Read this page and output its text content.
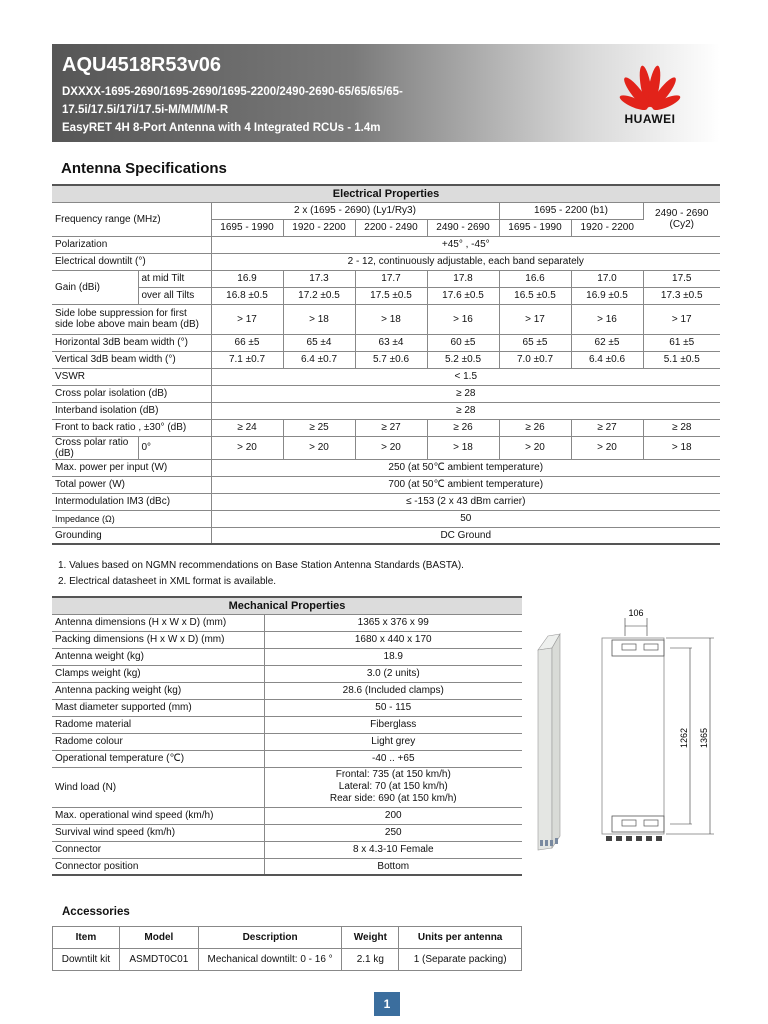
AQU4518R53v06
DXXXX-1695-2690/1695-2690/1695-2200/2490-2690-65/65/65/65-
17.5i/17.5i/17i/17.5i-M/M/M/M-R
EasyRET 4H 8-Port Antenna with 4 Integrated RCUs - 1.4m
HUAWEI
Antenna Specifications
Electrical Properties								
Frequency range (MHz)		2 x (1695 - 2690) (Ly1/Ry3)				1695 - 2200 (b1)		2490 - 2690 (Cy2)
		1695 - 1990	1920 - 2200	2200 - 2490	2490 - 2690	1695 - 1990	1920 - 2200	
Polarization		+45° , -45°						
Electrical downtilt (°)		2 - 12, continuously adjustable, each band separately						
Gain (dBi)	at mid Tilt	16.9	17.3	17.7	17.8	16.6	17.0	17.5
	over all Tilts	16.8 ±0.5	17.2 ±0.5	17.5 ±0.5	17.6 ±0.5	16.5 ±0.5	16.9 ±0.5	17.3 ±0.5
Side lobe suppression for first
side lobe above main beam (dB)		> 17	> 18	> 18	> 16	> 17	> 16	> 17
Horizontal 3dB beam width (°)		66 ±5	65 ±4	63 ±4	60 ±5	65 ±5	62 ±5	61 ±5
Vertical 3dB beam width (°)		7.1 ±0.7	6.4 ±0.7	5.7 ±0.6	5.2 ±0.5	7.0 ±0.7	6.4 ±0.6	5.1 ±0.5
VSWR		< 1.5						
Cross polar isolation (dB)		≥ 28						
Interband isolation (dB)		≥ 28						
Front to back ratio , ±30° (dB)		≥ 24	≥ 25	≥ 27	≥ 26	≥ 26	≥ 27	≥ 28
Cross polar ratio (dB)	0°	> 20	> 20	> 20	> 18	> 20	> 20	> 18
Max. power per input (W)		250 (at 50℃ ambient temperature)						
Total power (W)		700 (at 50℃ ambient temperature)						
Intermodulation IM3 (dBc)		≤ -153 (2 x 43 dBm carrier)						
Impedance (Ω)		50						
Grounding		DC Ground						
1. Values based on NGMN recommendations on Base Station Antenna Standards (BASTA).
2. Electrical datasheet in XML format is available.
Mechanical Properties	
Antenna dimensions (H x W x D) (mm)	1365 x 376 x 99
Packing dimensions (H x W x D) (mm)	1680 x 440 x 170
Antenna weight (kg)	18.9
Clamps weight (kg)	3.0 (2 units)
Antenna packing weight (kg)	28.6 (Included clamps)
Mast diameter supported (mm)	50 - 115
Radome material	Fiberglass
Radome colour	Light grey
Operational temperature (℃)	-40 .. +65
Wind load (N)	Frontal: 735 (at 150 km/h)
Lateral: 70 (at 150 km/h)
Rear side: 690 (at 150 km/h)

Max. operational wind speed (km/h)	200
Survival wind speed (km/h)	250
Connector	8 x 4.3-10 Female
Connector position	Bottom
106
1262 1365
Accessories
Item	Model	Description	Weight	Units per antenna
Downtilt kit	ASMDT0C01	Mechanical downtilt: 0 - 16 °	2.1 kg	1 (Separate packing)
1
